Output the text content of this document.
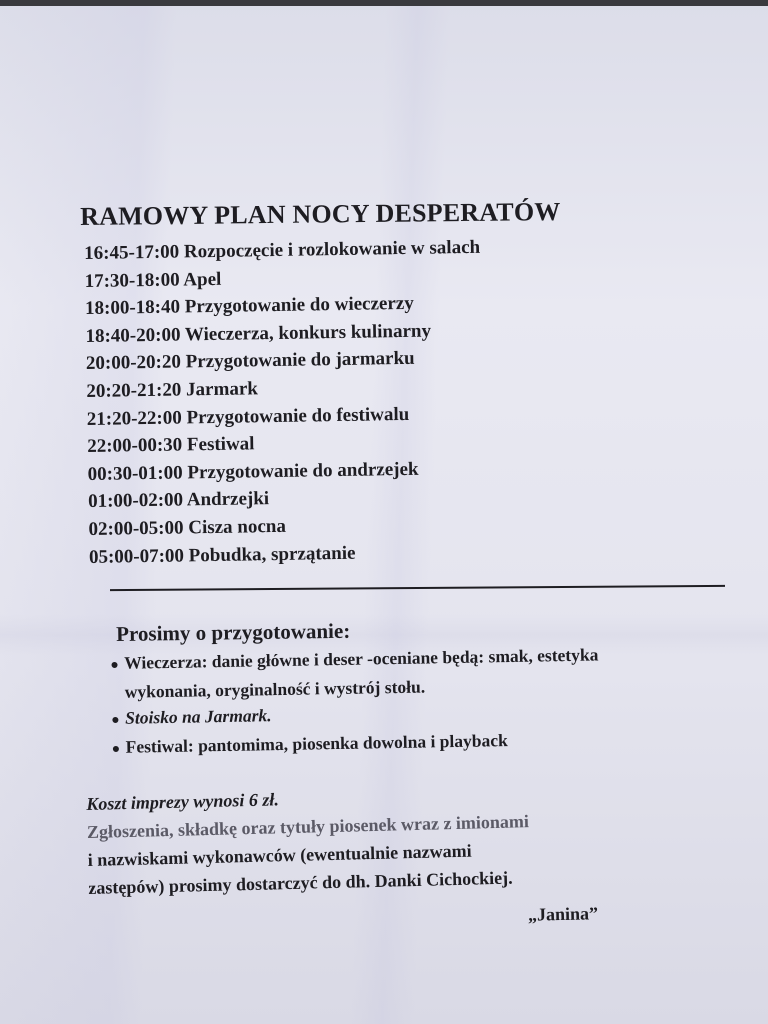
RAMOWY PLAN NOCY DESPERATÓW
16:45-17:00 Rozpoczęcie i rozlokowanie w salach
17:30-18:00 Apel
18:00-18:40 Przygotowanie do wieczerzy
18:40-20:00 Wieczerza, konkurs kulinarny
20:00-20:20 Przygotowanie do jarmarku
20:20-21:20 Jarmark
21:20-22:00 Przygotowanie do festiwalu
22:00-00:30 Festiwal
00:30-01:00 Przygotowanie do andrzejek
01:00-02:00 Andrzejki
02:00-05:00 Cisza nocna
05:00-07:00 Pobudka, sprzątanie
Prosimy o przygotowanie:
● Wieczerza: danie główne i deser -oceniane będą: smak, estetyka
wykonania, oryginalność i wystrój stołu.
● Stoisko na Jarmark.
● Festiwal: pantomima, piosenka dowolna i playback
Koszt imprezy wynosi 6 zł.
Zgłoszenia, składkę oraz tytuły piosenek wraz z imionami
i nazwiskami wykonawców (ewentualnie nazwami
zastępów) prosimy dostarczyć do dh. Danki Cichockiej.
„Janina”
